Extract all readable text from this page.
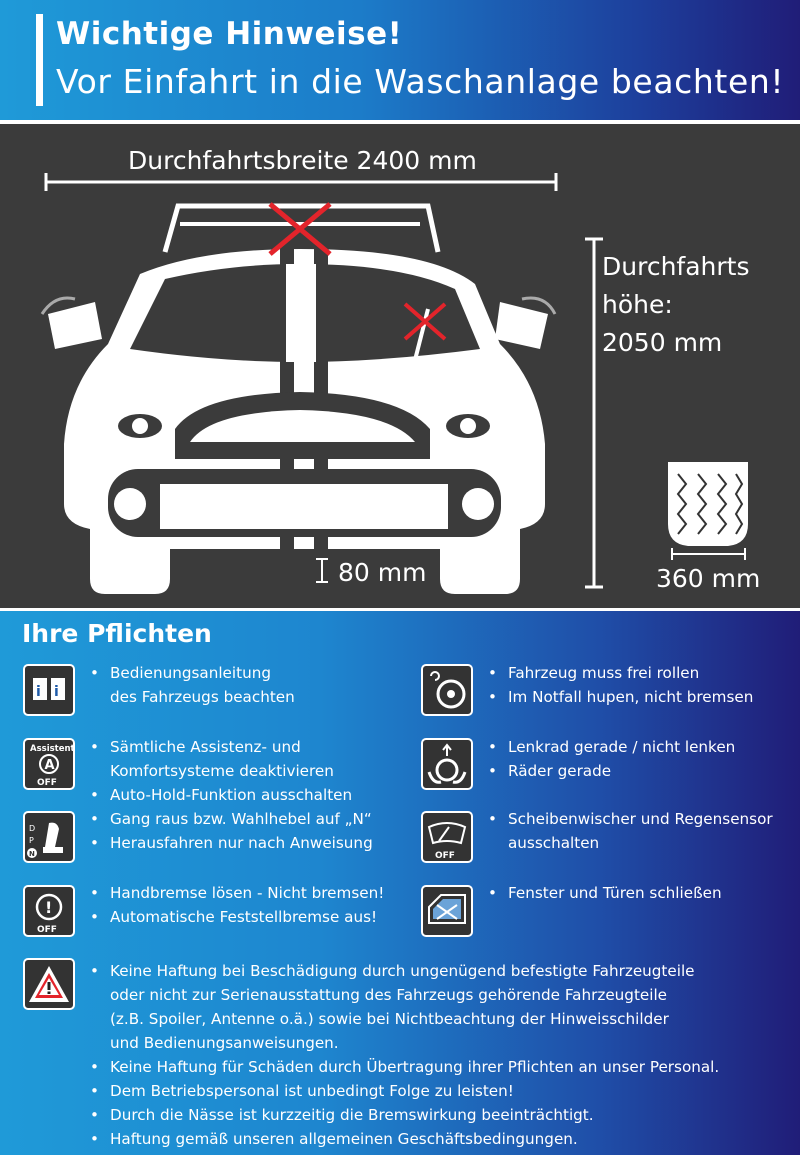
Wichtige Hinweise!
Vor Einfahrt in die Waschanlage beachten!
Durchfahrtsbreite 2400 mm
Durchfahrts
höhe:
2050 mm
80 mm	360 mm
Ihre Pflichten
i i
• Bedienungsanleitung
des Fahrzeugs beachten
Assistent
A
OFF
• Sämtliche Assistenz- und
Komfortsysteme deaktivieren
• Auto-Hold-Funktion ausschalten
D
P
N
• Gang raus bzw. Wahlhebel auf „N“
• Herausfahren nur nach Anweisung
!
OFF
• Handbremse lösen - Nicht bremsen!
• Automatische Feststellbremse aus!
• Fahrzeug muss frei rollen
• Im Notfall hupen, nicht bremsen
• Lenkrad gerade / nicht lenken
• Räder gerade
OFF
• Scheibenwischer und Regensensor
ausschalten
• Fenster und Türen schließen
• Keine Haftung bei Beschädigung durch ungenügend befestigte Fahrzeugteile
oder nicht zur Serienausstattung des Fahrzeugs gehörende Fahrzeugteile
(z.B. Spoiler, Antenne o.ä.) sowie bei Nichtbeachtung der Hinweisschilder
und Bedienungsanweisungen.
• Keine Haftung für Schäden durch Übertragung ihrer Pflichten an unser Personal.
• Dem Betriebspersonal ist unbedingt Folge zu leisten!
• Durch die Nässe ist kurzzeitig die Bremswirkung beeinträchtigt.
• Haftung gemäß unseren allgemeinen Geschäftsbedingungen.
